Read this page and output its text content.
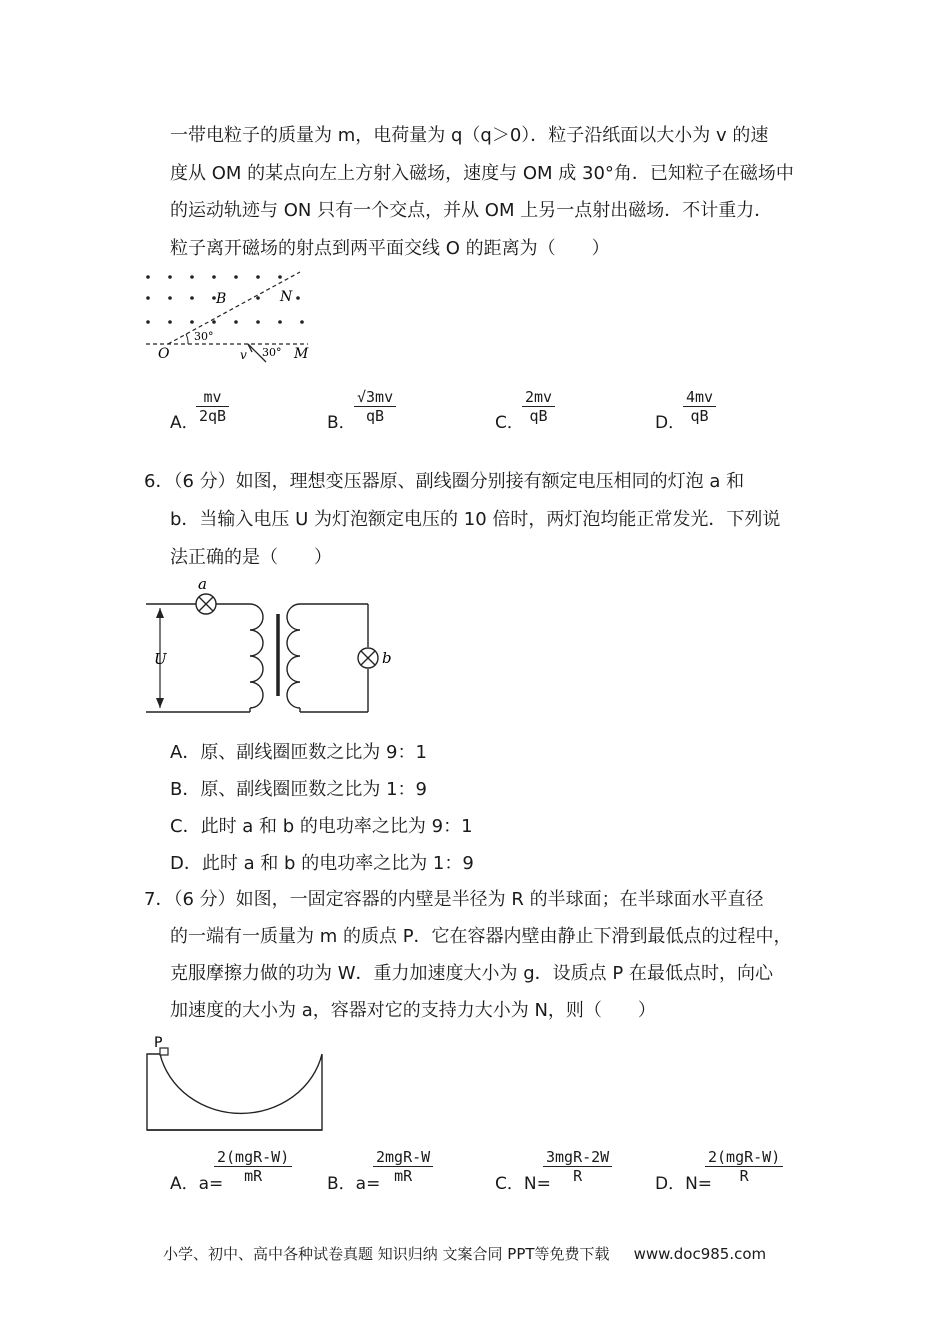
一带电粒子的质量为 m，电荷量为 q（q＞0）．粒子沿纸面以大小为 v 的速
度从 OM 的某点向左上方射入磁场，速度与 OM 成 30°角．已知粒子在磁场中
的运动轨迹与 ON 只有一个交点，并从 OM 上另一点射出磁场．不计重力．
粒子离开磁场的射点到两平面交线 O 的距离为（　　）
B	N
O	M
v
30°
30°
A．
$\frac{mv}{2qB}$	B．
$\frac{√3mv}{qB}$	C．
$\frac{2mv}{qB}$	D．
$\frac{4mv}{qB}$
6．（6 分）如图，理想变压器原、副线圈分别接有额定电压相同的灯泡 a 和
b．当输入电压 U 为灯泡额定电压的 10 倍时，两灯泡均能正常发光．下列说
法正确的是（　　）
a
b
U
A．原、副线圈匝数之比为 9：1
B．原、副线圈匝数之比为 1：9
C．此时 a 和 b 的电功率之比为 9：1
D．此时 a 和 b 的电功率之比为 1：9
7．（6 分）如图，一固定容器的内壁是半径为 R 的半球面；在半球面水平直径
的一端有一质量为 m 的质点 P．它在容器内壁由静止下滑到最低点的过程中，
克服摩擦力做的功为 W．重力加速度大小为 g．设质点 P 在最低点时，向心
加速度的大小为 a，容器对它的支持力大小为 N，则（　　）
P
A．a=
2(mgR-W)
mR	B．a=
2mgR-W
mR	C．N=
3mgR-2W
R	D．N=
2(mgR-W)
R
小学、初中、高中各种试卷真题 知识归纳 文案合同 PPT等免费下载 www.doc985.com
